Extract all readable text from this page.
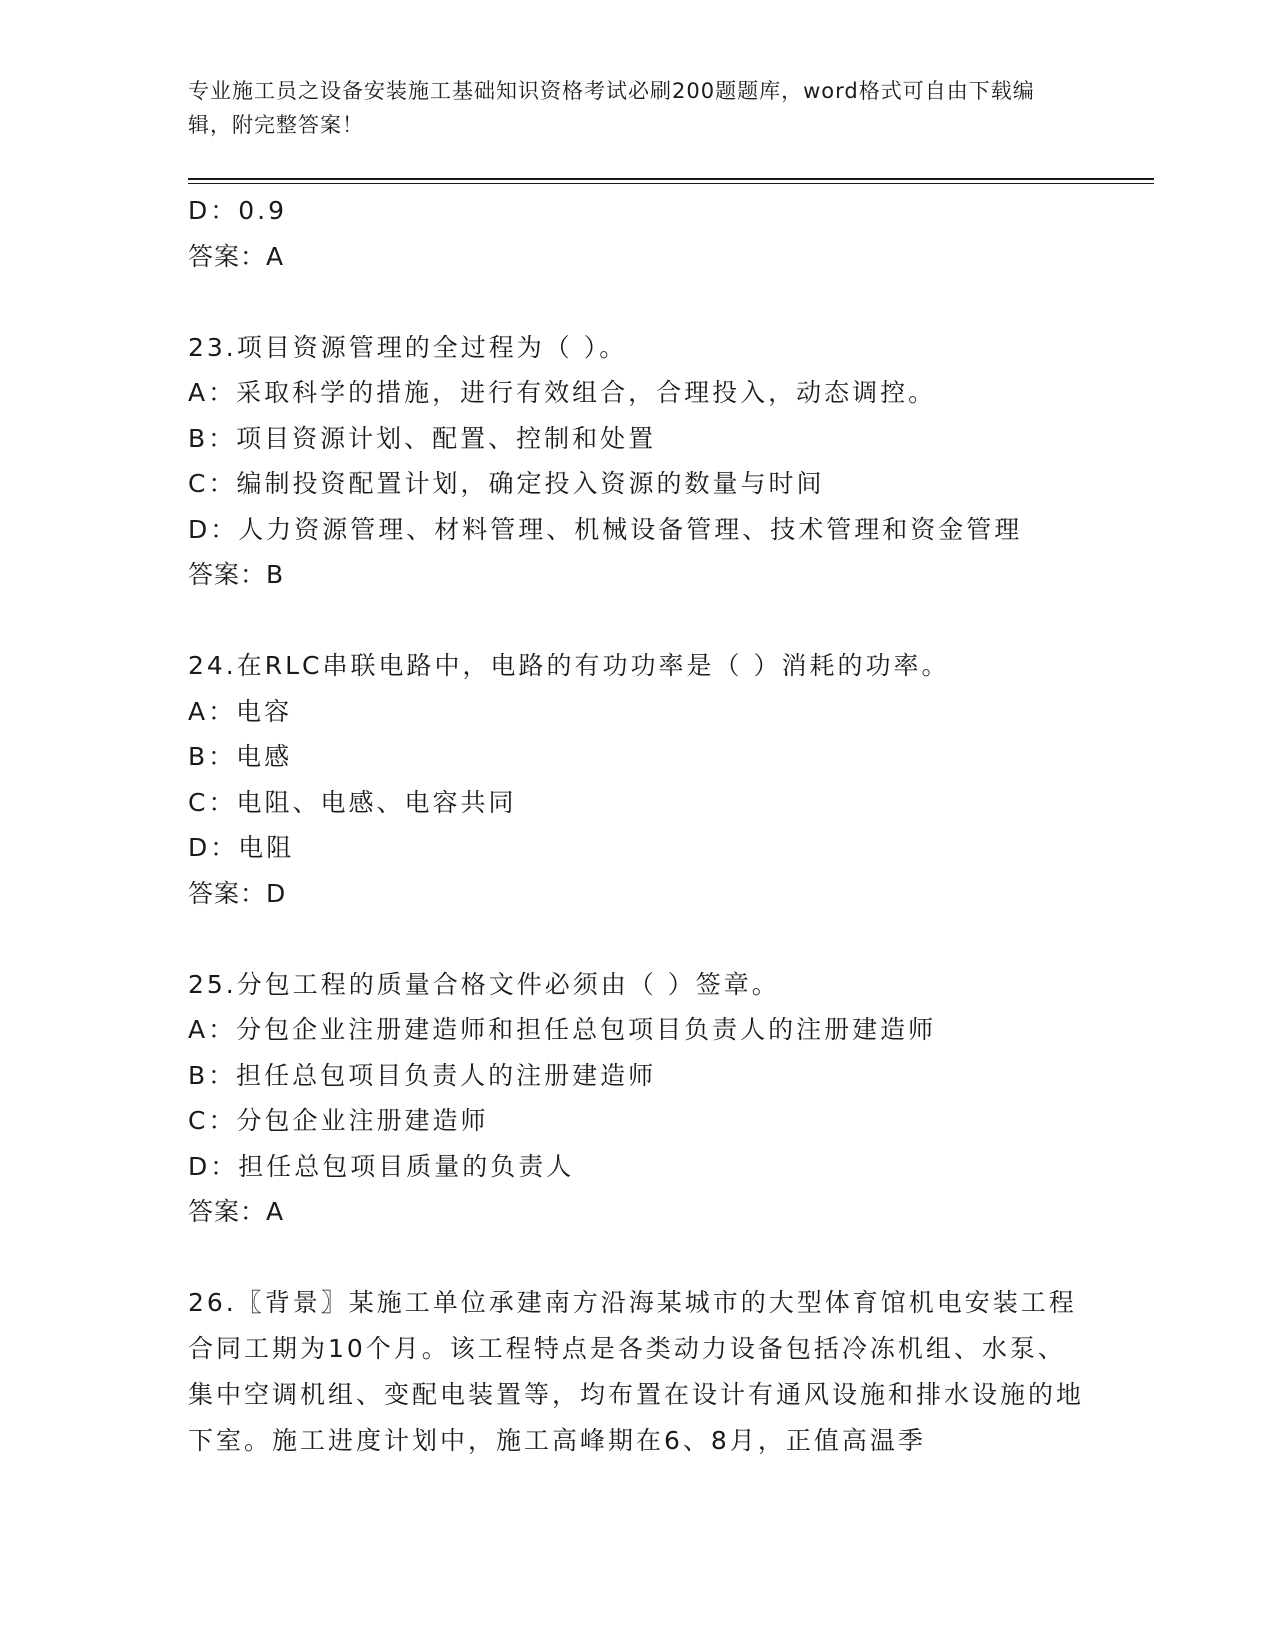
专业施工员之设备安装施工基础知识资格考试必刷200题题库，word格式可自由下载编辑，附完整答案！
D：0.9
答案：A
23.项目资源管理的全过程为（ ）。
A：采取科学的措施，进行有效组合，合理投入，动态调控。
B：项目资源计划、配置、控制和处置
C：编制投资配置计划，确定投入资源的数量与时间
D：人力资源管理、材料管理、机械设备管理、技术管理和资金管理
答案：B
24.在RLC串联电路中，电路的有功功率是（ ）消耗的功率。
A：电容
B：电感
C：电阻、电感、电容共同
D：电阻
答案：D
25.分包工程的质量合格文件必须由（ ）签章。
A：分包企业注册建造师和担任总包项目负责人的注册建造师
B：担任总包项目负责人的注册建造师
C：分包企业注册建造师
D：担任总包项目质量的负责人
答案：A
26.〖背景〗某施工单位承建南方沿海某城市的大型体育馆机电安装工程合同工期为10个月。该工程特点是各类动力设备包括冷冻机组、水泵、集中空调机组、变配电装置等，均布置在设计有通风设施和排水设施的地下室。施工进度计划中，施工高峰期在6、8月，正值高温季
